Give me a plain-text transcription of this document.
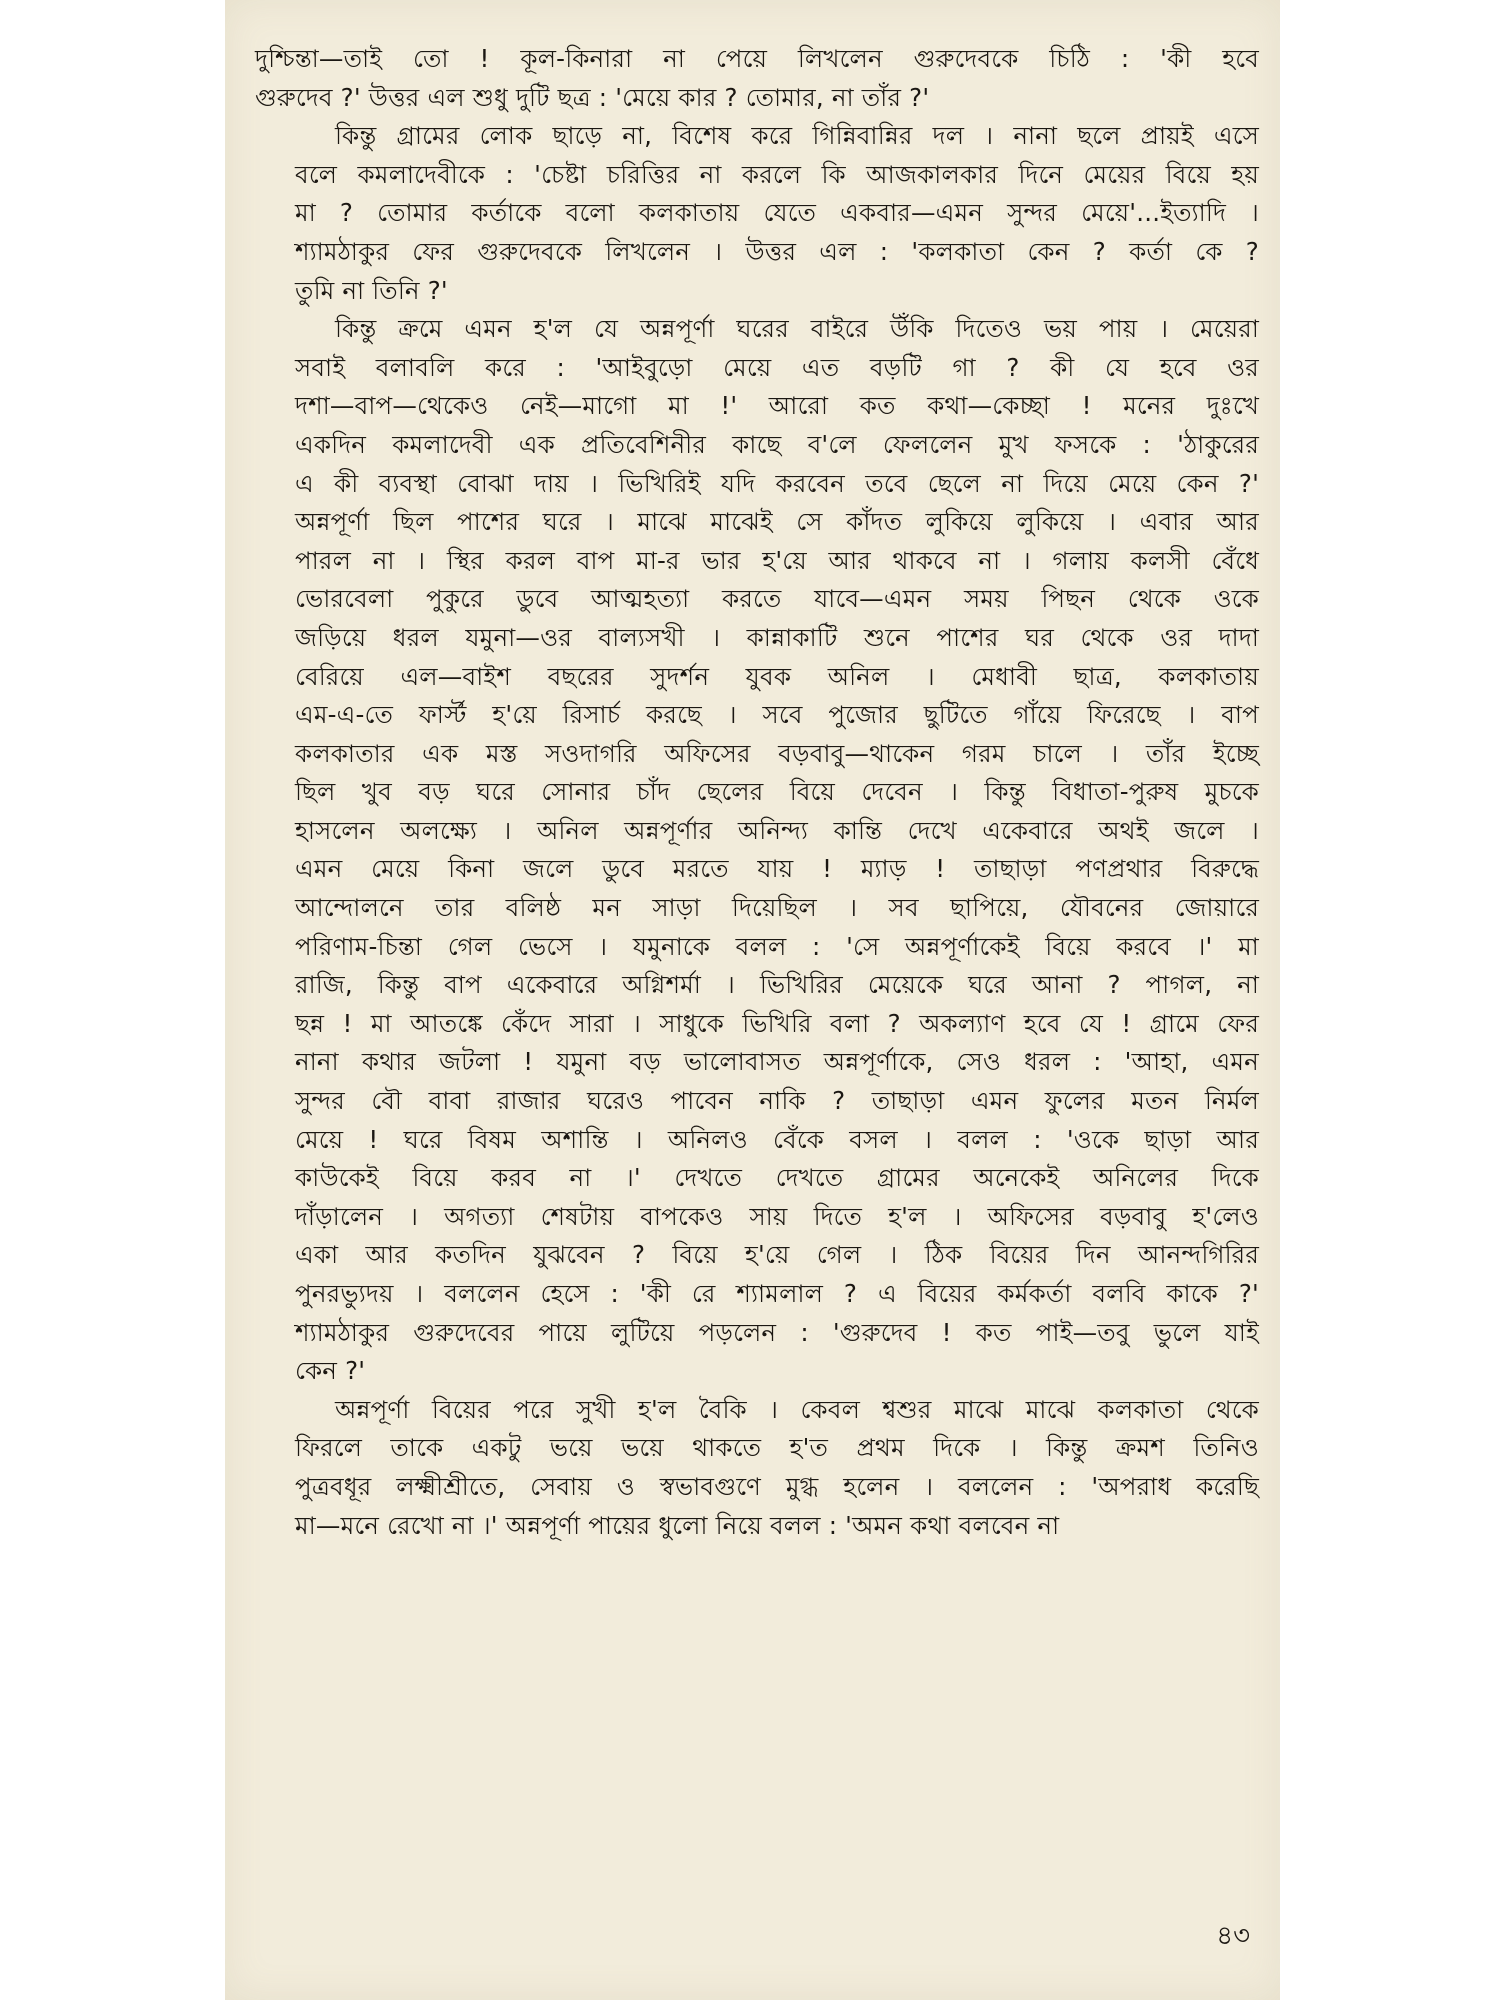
দুশ্চিন্তা—তাই তো ! কূল-কিনারা না পেয়ে লিখলেন গুরুদেবকে চিঠি : 'কী হবে
গুরুদেব ?' উত্তর এল শুধু দুটি ছত্র : 'মেয়ে কার ? তোমার, না তাঁর ?'
কিন্তু গ্রামের লোক ছাড়ে না, বিশেষ করে গিন্নিবান্নির দল । নানা ছলে প্রায়ই এসে
বলে কমলাদেবীকে : 'চেষ্টা চরিত্তির না করলে কি আজকালকার দিনে মেয়ের বিয়ে হয়
মা ? তোমার কর্তাকে বলো কলকাতায় যেতে একবার—এমন সুন্দর মেয়ে'...ইত্যাদি ।
শ্যামঠাকুর ফের গুরুদেবকে লিখলেন । উত্তর এল : 'কলকাতা কেন ? কর্তা কে ?
তুমি না তিনি ?'
কিন্তু ক্রমে এমন হ'ল যে অন্নপূর্ণা ঘরের বাইরে উঁকি দিতেও ভয় পায় । মেয়েরা
সবাই বলাবলি করে : 'আইবুড়ো মেয়ে এত বড়টি গা ? কী যে হবে ওর
দশা—বাপ—থেকেও নেই—মাগো মা !' আরো কত কথা—কেচ্ছা ! মনের দুঃখে
একদিন কমলাদেবী এক প্রতিবেশিনীর কাছে ব'লে ফেললেন মুখ ফসকে : 'ঠাকুরের
এ কী ব্যবস্থা বোঝা দায় । ভিখিরিই যদি করবেন তবে ছেলে না দিয়ে মেয়ে কেন ?'
অন্নপূর্ণা ছিল পাশের ঘরে । মাঝে মাঝেই সে কাঁদত লুকিয়ে লুকিয়ে । এবার আর
পারল না । স্থির করল বাপ মা-র ভার হ'য়ে আর থাকবে না । গলায় কলসী বেঁধে
ভোরবেলা পুকুরে ডুবে আত্মহত্যা করতে যাবে—এমন সময় পিছন থেকে ওকে
জড়িয়ে ধরল যমুনা—ওর বাল্যসখী । কান্নাকাটি শুনে পাশের ঘর থেকে ওর দাদা
বেরিয়ে এল—বাইশ বছরের সুদর্শন যুবক অনিল । মেধাবী ছাত্র, কলকাতায়
এম-এ-তে ফার্স্ট হ'য়ে রিসার্চ করছে । সবে পুজোর ছুটিতে গাঁয়ে ফিরেছে । বাপ
কলকাতার এক মস্ত সওদাগরি অফিসের বড়বাবু—থাকেন গরম চালে । তাঁর ইচ্ছে
ছিল খুব বড় ঘরে সোনার চাঁদ ছেলের বিয়ে দেবেন । কিন্তু বিধাতা-পুরুষ মুচকে
হাসলেন অলক্ষ্যে । অনিল অন্নপূর্ণার অনিন্দ্য কান্তি দেখে একেবারে অথই জলে ।
এমন মেয়ে কিনা জলে ডুবে মরতে যায় ! ম্যাড় ! তাছাড়া পণপ্রথার বিরুদ্ধে
আন্দোলনে তার বলিষ্ঠ মন সাড়া দিয়েছিল । সব ছাপিয়ে, যৌবনের জোয়ারে
পরিণাম-চিন্তা গেল ভেসে । যমুনাকে বলল : 'সে অন্নপূর্ণাকেই বিয়ে করবে ।' মা
রাজি, কিন্তু বাপ একেবারে অগ্নিশর্মা । ভিখিরির মেয়েকে ঘরে আনা ? পাগল, না
ছন্ন ! মা আতঙ্কে কেঁদে সারা । সাধুকে ভিখিরি বলা ? অকল্যাণ হবে যে ! গ্রামে ফের
নানা কথার জটলা ! যমুনা বড় ভালোবাসত অন্নপূর্ণাকে, সেও ধরল : 'আহা, এমন
সুন্দর বৌ বাবা রাজার ঘরেও পাবেন নাকি ? তাছাড়া এমন ফুলের মতন নির্মল
মেয়ে ! ঘরে বিষম অশান্তি । অনিলও বেঁকে বসল । বলল : 'ওকে ছাড়া আর
কাউকেই বিয়ে করব না ।' দেখতে দেখতে গ্রামের অনেকেই অনিলের দিকে
দাঁড়ালেন । অগত্যা শেষটায় বাপকেও সায় দিতে হ'ল । অফিসের বড়বাবু হ'লেও
একা আর কতদিন যুঝবেন ? বিয়ে হ'য়ে গেল । ঠিক বিয়ের দিন আনন্দগিরির
পুনরভ্যুদয় । বললেন হেসে : 'কী রে শ্যামলাল ? এ বিয়ের কর্মকর্তা বলবি কাকে ?'
শ্যামঠাকুর গুরুদেবের পায়ে লুটিয়ে পড়লেন : 'গুরুদেব ! কত পাই—তবু ভুলে যাই
কেন ?'
অন্নপূর্ণা বিয়ের পরে সুখী হ'ল বৈকি । কেবল শ্বশুর মাঝে মাঝে কলকাতা থেকে
ফিরলে তাকে একটু ভয়ে ভয়ে থাকতে হ'ত প্রথম দিকে । কিন্তু ক্রমশ তিনিও
পুত্রবধূর লক্ষ্মীশ্রীতে, সেবায় ও স্বভাবগুণে মুগ্ধ হলেন । বললেন : 'অপরাধ করেছি
মা—মনে রেখো না ।' অন্নপূর্ণা পায়ের ধুলো নিয়ে বলল : 'অমন কথা বলবেন না
৪৩
